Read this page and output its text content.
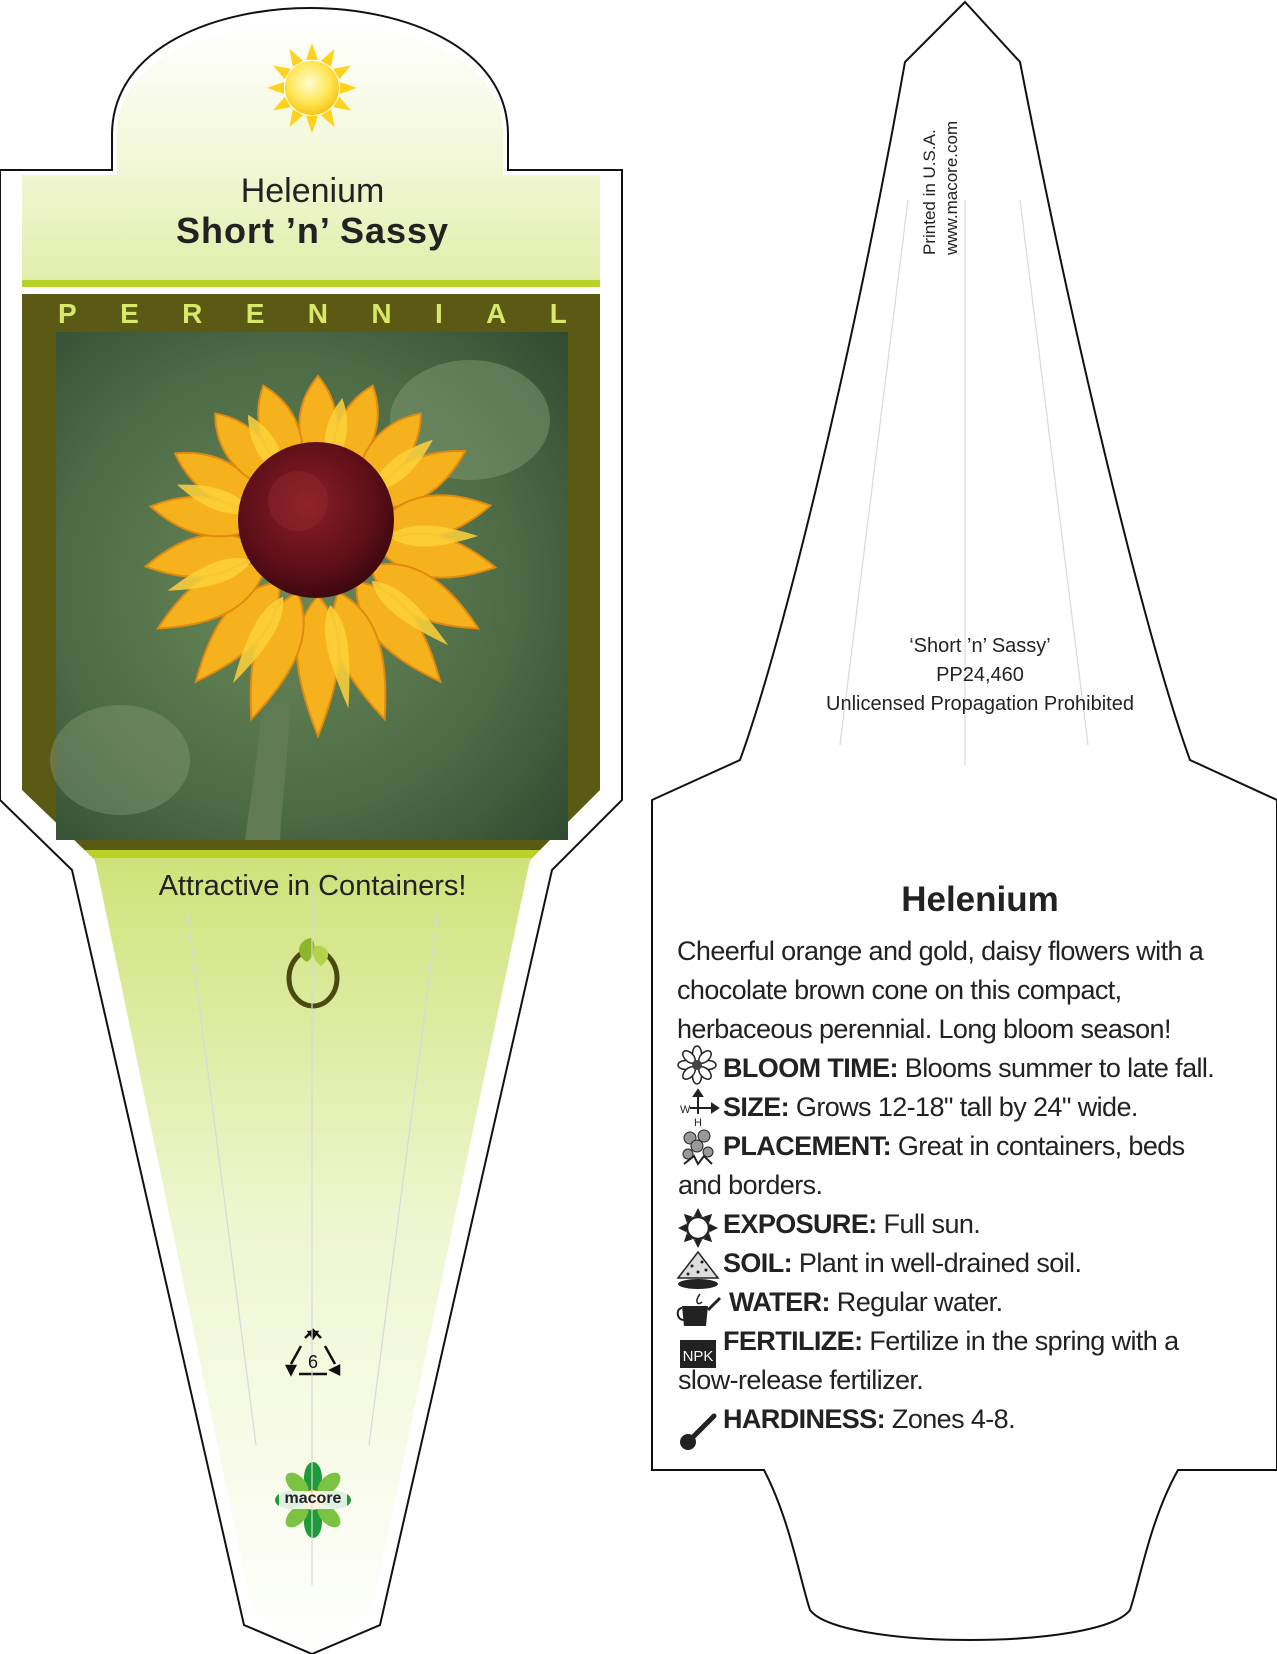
W
H
NPK
Helenium
Short ’n’ Sassy
P E R E N N I A L
Attractive in Containers!
6
macore
Printed in U.S.A. www.macore.com
‘Short ’n’ Sassy’
PP24,460
Unlicensed Propagation Prohibited
Helenium

Cheerful orange and gold, daisy flowers with a chocolate brown cone on this compact, herbaceous perennial. Long bloom season!

BLOOM TIME: Blooms summer to late fall.

SIZE: Grows 12-18" tall by 24" wide.

PLACEMENT: Great in containers, beds and borders.

EXPOSURE: Full sun.

SOIL: Plant in well-drained soil.

WATER: Regular water.

FERTILIZE: Fertilize in the spring with a slow-release fertilizer.

HARDINESS: Zones 4-8.
